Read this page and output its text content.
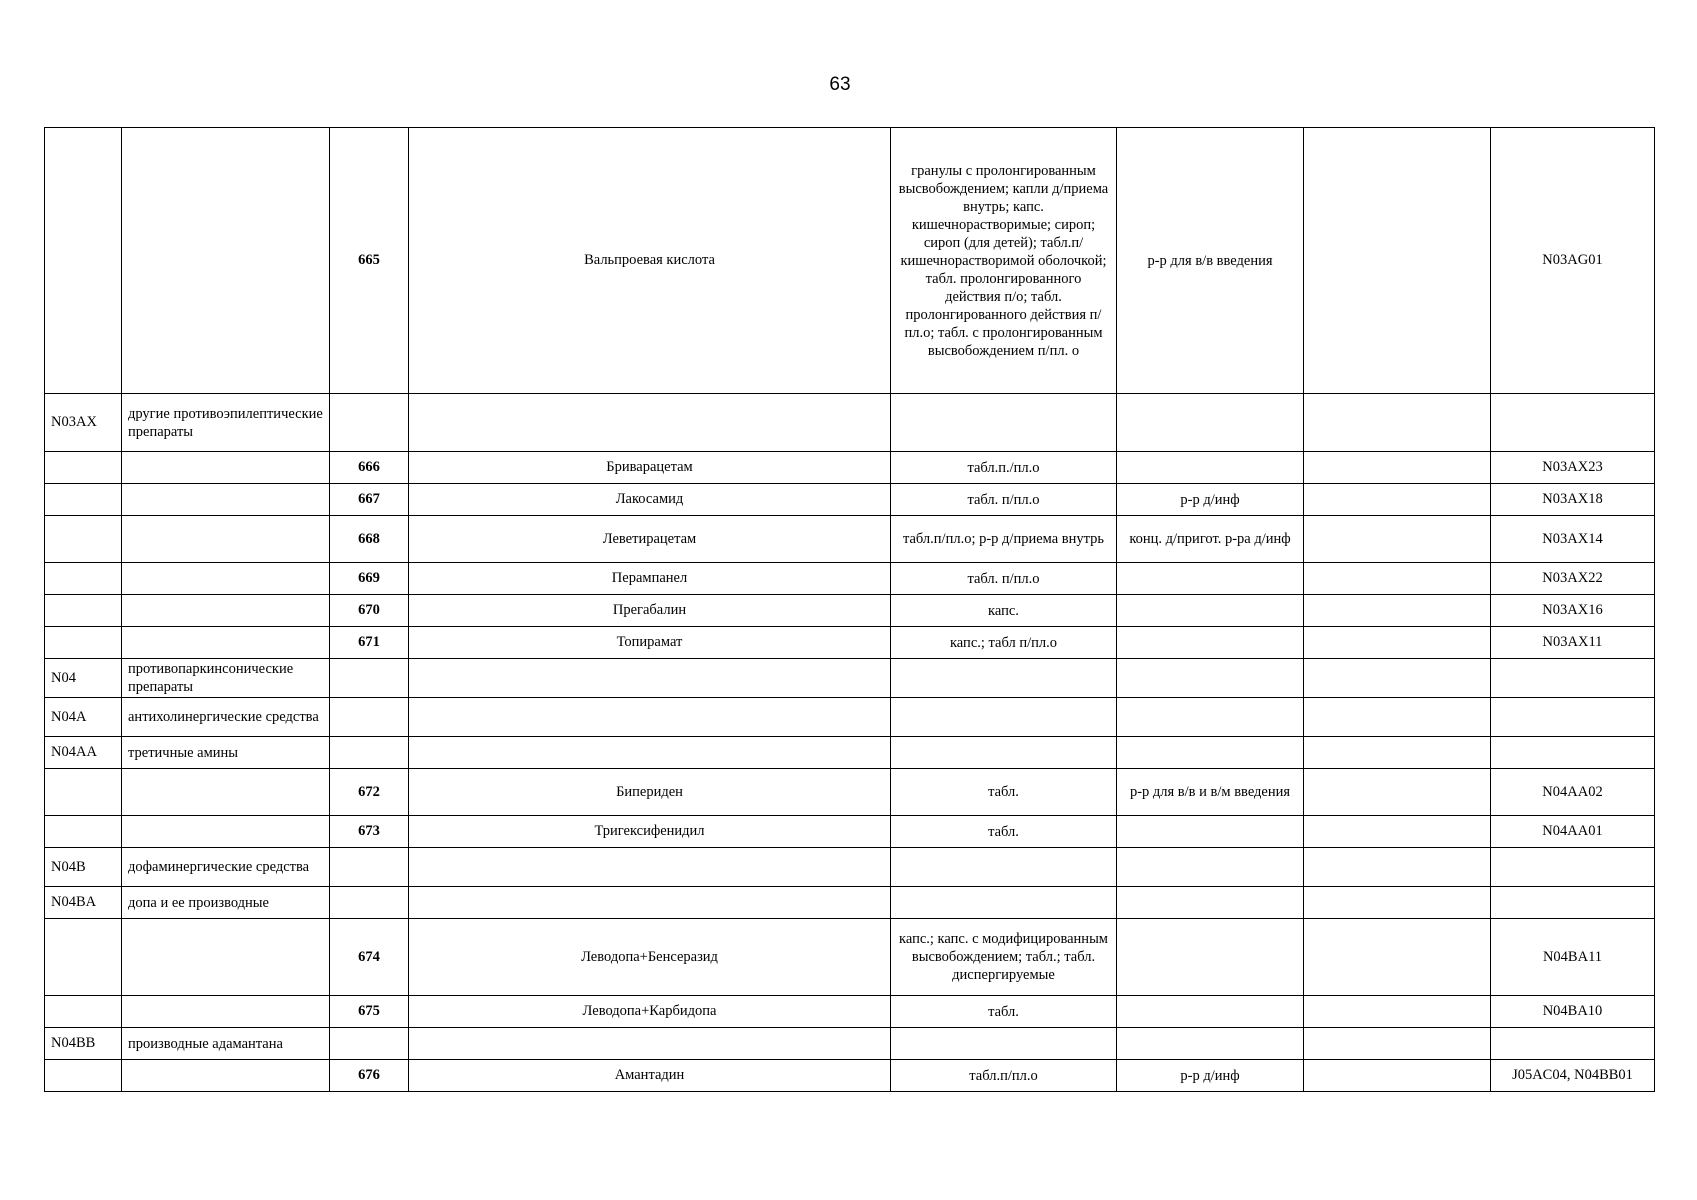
63
		665	Вальпроевая кислота	гранулы с пролонгированным высвобождением; капли д/приема внутрь; капс. кишечнорастворимые; сироп; сироп (для детей); табл.п/кишечнорастворимой оболочкой; табл. пролонгированного действия п/о; табл. пролонгированного действия п/пл.о; табл. с пролонгированным высвобождением п/пл. о	р-р для в/в введения		N03AG01
N03AX	другие противоэпилептические препараты						
		666	Бриварацетам	табл.п./пл.о			N03AX23
		667	Лакосамид	табл. п/пл.о	р-р д/инф		N03AX18
		668	Леветирацетам	табл.п/пл.о; р-р д/приема внутрь	конц. д/пригот. р-ра д/инф		N03AX14
		669	Перампанел	табл. п/пл.о			N03AX22
		670	Прегабалин	капс.			N03AX16
		671	Топирамат	капс.; табл п/пл.о			N03AX11
N04	противопаркинсонические препараты						
N04A	антихолинергические средства						
N04AA	третичные амины						
		672	Бипериден	табл.	р-р для в/в и в/м введения		N04AA02
		673	Тригексифенидил	табл.			N04AA01
N04B	дофаминергические средства						
N04BA	допа и ее производные						
		674	Леводопа+Бенсеразид	капс.; капс. с модифицированным высвобождением; табл.; табл. диспергируемые			N04BA11
		675	Леводопа+Карбидопа	табл.			N04BA10
N04BB	производные адамантана						
		676	Амантадин	табл.п/пл.о	р-р д/инф		J05AC04, N04BB01
